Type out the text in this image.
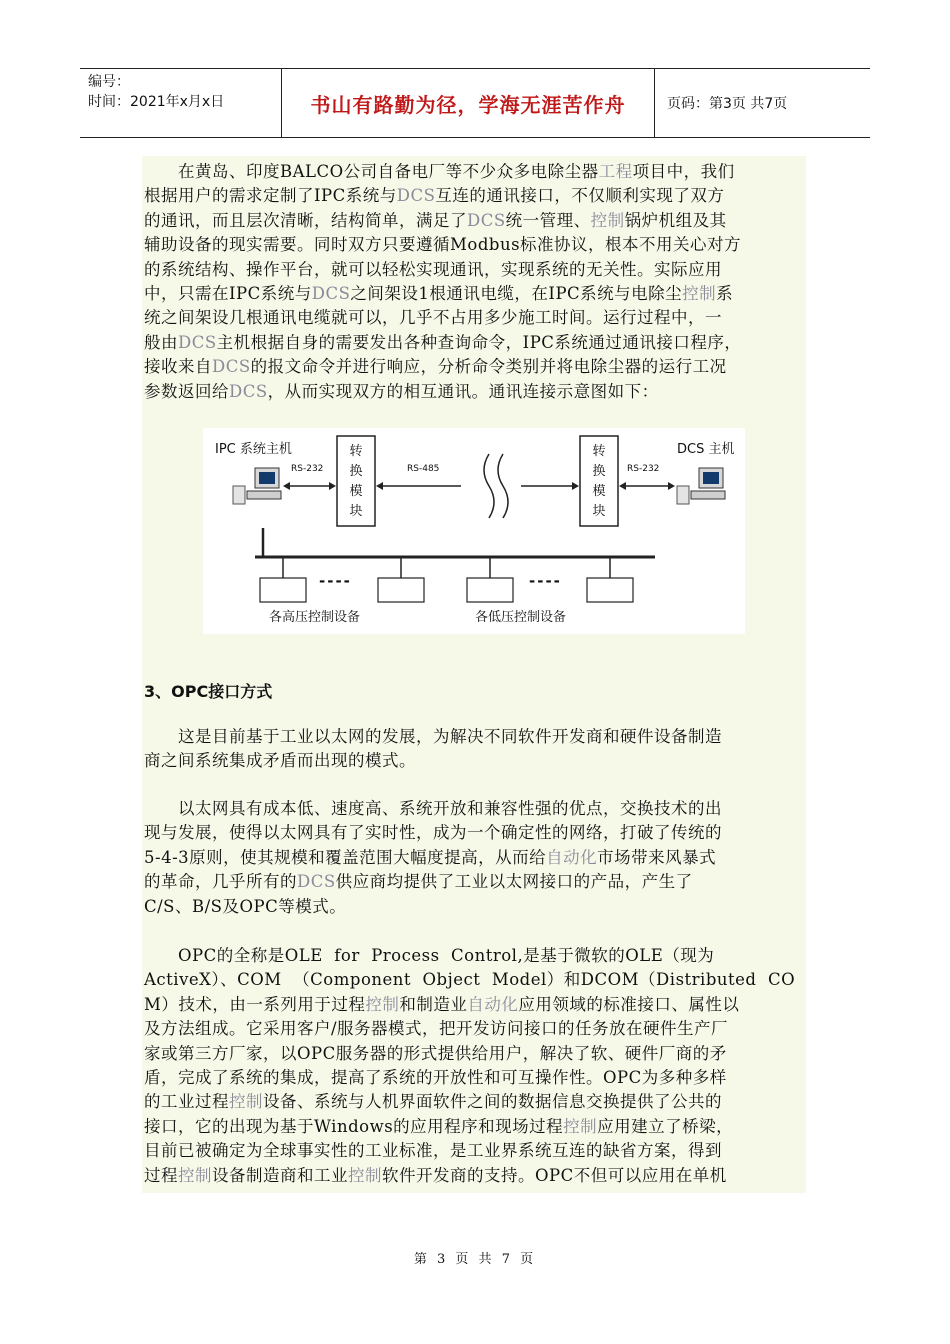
编号：
时间：2021年x月x日	书山有路勤为径，学海无涯苦作舟	页码：第3页 共7页

　　在黄岛、印度BALCO公司自备电厂等不少众多电除尘器工程项目中，我们
根据用户的需求定制了IPC系统与DCS互连的通讯接口，不仅顺利实现了双方
的通讯，而且层次清晰，结构简单，满足了DCS统一管理、控制锅炉机组及其
辅助设备的现实需要。同时双方只要遵循Modbus标准协议，根本不用关心对方
的系统结构、操作平台，就可以轻松实现通讯，实现系统的无关性。实际应用
中，只需在IPC系统与DCS之间架设1根通讯电缆，在IPC系统与电除尘控制系
统之间架设几根通讯电缆就可以，几乎不占用多少施工时间。运行过程中，一
般由DCS主机根据自身的需要发出各种查询命令，IPC系统通过通讯接口程序，
接收来自DCS的报文命令并进行响应，分析命令类别并将电除尘器的运行工况
参数返回给DCS，从而实现双方的相互通讯。通讯连接示意图如下：

IPC 系统主机	DCS 主机
RS-232	RS-485	RS-232
转
换
模
块
转
换
模
块
----	----
各高压控制设备	各低压控制设备
3、OPC接口方式

　　这是目前基于工业以太网的发展，为解决不同软件开发商和硬件设备制造
商之间系统集成矛盾而出现的模式。

　　以太网具有成本低、速度高、系统开放和兼容性强的优点，交换技术的出
现与发展，使得以太网具有了实时性，成为一个确定性的网络，打破了传统的
5-4-3原则，使其规模和覆盖范围大幅度提高，从而给自动化市场带来风暴式
的革命，几乎所有的DCS供应商均提供了工业以太网接口的产品，产生了
C/S、B/S及OPC等模式。

　　OPC的全称是OLE  for  Process  Control,是基于微软的OLE（现为
ActiveX）、COM  （Component  Object  Model）和DCOM（Distributed  CO
M）技术，由一系列用于过程控制和制造业自动化应用领域的标准接口、属性以
及方法组成。它采用客户/服务器模式，把开发访问接口的任务放在硬件生产厂
家或第三方厂家，以OPC服务器的形式提供给用户，解决了软、硬件厂商的矛
盾，完成了系统的集成，提高了系统的开放性和可互操作性。OPC为多种多样
的工业过程控制设备、系统与人机界面软件之间的数据信息交换提供了公共的
接口，它的出现为基于Windows的应用程序和现场过程控制应用建立了桥梁，
目前已被确定为全球事实性的工业标准，是工业界系统互连的缺省方案，得到
过程控制设备制造商和工业控制软件开发商的支持。OPC不但可以应用在单机

第 3 页 共 7 页
